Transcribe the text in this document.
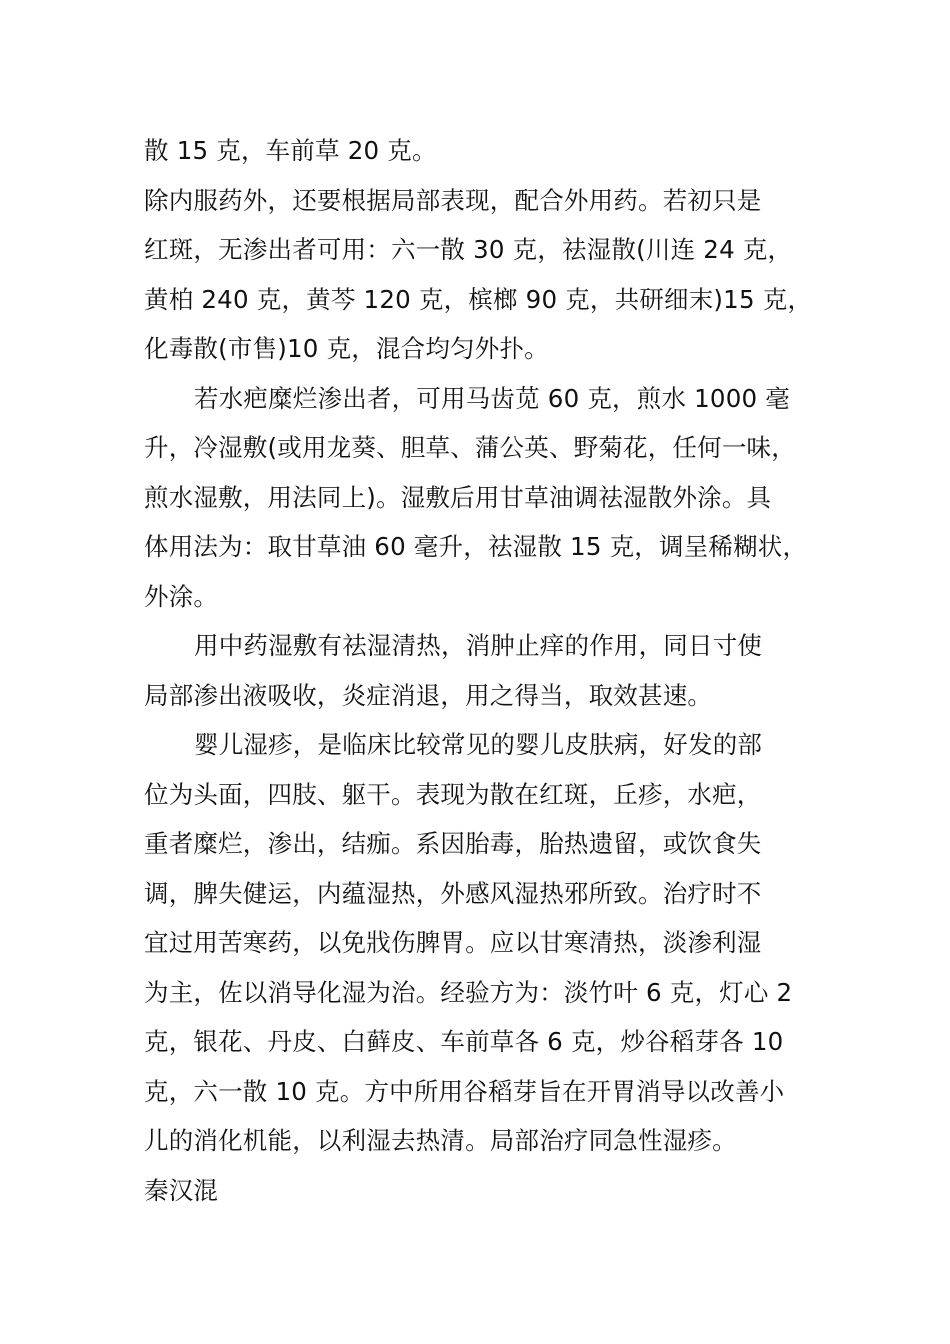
散 15 克，车前草 20 克。
除内服药外，还要根据局部表现，配合外用药。若初只是
红斑，无渗出者可用：六一散 30 克，祛湿散(川连 24 克，
黄柏 240 克，黄芩 120 克，槟榔 90 克，共研细末)15 克，
化毒散(市售)10 克，混合均匀外扑。
若水疤糜烂渗出者，可用马齿苋 60 克，煎水 1000 毫
升，冷湿敷(或用龙葵、胆草、蒲公英、野菊花，任何一味，
煎水湿敷，用法同上)。湿敷后用甘草油调祛湿散外涂。具
体用法为：取甘草油 60 毫升，祛湿散 15 克，调呈稀糊状，
外涂。
用中药湿敷有祛湿清热，消肿止痒的作用，同日寸使
局部渗出液吸收，炎症消退，用之得当，取效甚速。
婴儿湿疹，是临床比较常见的婴儿皮肤病，好发的部
位为头面，四肢、躯干。表现为散在红斑，丘疹，水疤，
重者糜烂，渗出，结痂。系因胎毒，胎热遗留，或饮食失
调，脾失健运，内蕴湿热，外感风湿热邪所致。治疗时不
宜过用苦寒药，以免戕伤脾胃。应以甘寒清热，淡渗利湿
为主，佐以消导化湿为治。经验方为：淡竹叶 6 克，灯心 2
克，银花、丹皮、白藓皮、车前草各 6 克，炒谷稻芽各 10
克，六一散 10 克。方中所用谷稻芽旨在开胃消导以改善小
儿的消化机能，以利湿去热清。局部治疗同急性湿疹。
秦汉混
